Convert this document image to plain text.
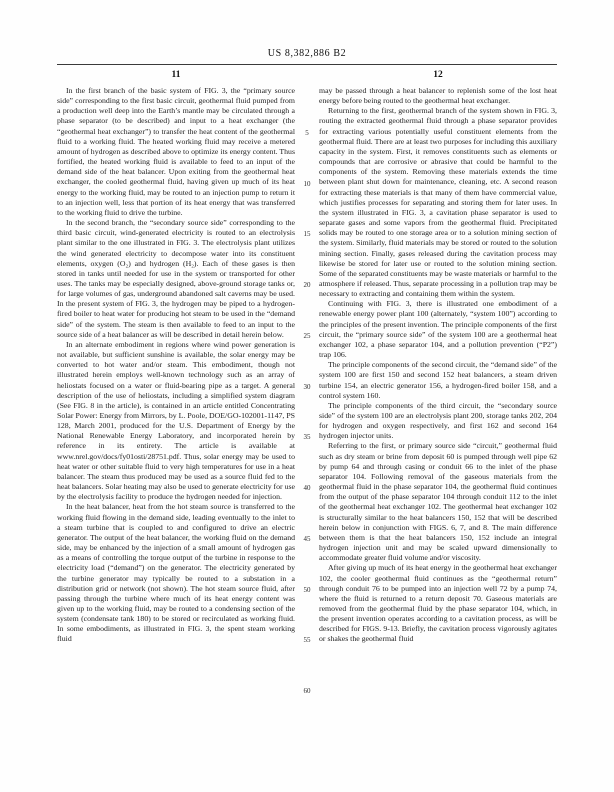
US 8,382,886 B2
11	12

In the first branch of the basic system of FIG. 3, the “primary source side” corresponding to the first basic circuit, geothermal fluid pumped from a production well deep into the Earth’s mantle may be circulated through a phase separator (to be described) and input to a heat exchanger (the “geothermal heat exchanger”) to transfer the heat content of the geothermal fluid to a working fluid. The heated working fluid may receive a metered amount of hydrogen as described above to optimize its energy content. Thus fortified, the heated working fluid is available to feed to an input of the demand side of the heat balancer. Upon exiting from the geothermal heat exchanger, the cooled geothermal fluid, having given up much of its heat energy to the working fluid, may be routed to an injection pump to return it to an injection well, less that portion of its heat energy that was transferred to the working fluid to drive the turbine.

In the second branch, the “secondary source side” corresponding to the third basic circuit, wind-generated electricity is routed to an electrolysis plant similar to the one illustrated in FIG. 3. The electrolysis plant utilizes the wind generated electricity to decompose water into its constituent elements, oxygen (O₂) and hydrogen (H₂). Each of these gases is then stored in tanks until needed for use in the system or transported for other uses. The tanks may be especially designed, above-ground storage tanks or, for large volumes of gas, underground abandoned salt caverns may be used. In the present system of FIG. 3, the hydrogen may be piped to a hydrogen-fired boiler to heat water for producing hot steam to be used in the “demand side” of the system. The steam is then available to feed to an input to the source side of a heat balancer as will be described in detail herein below.

In an alternate embodiment in regions where wind power generation is not available, but sufficient sunshine is available, the solar energy may be converted to hot water and/or steam. This embodiment, though not illustrated herein employs well-known technology such as an array of heliostats focused on a water or fluid-bearing pipe as a target. A general description of the use of heliostats, including a simplified system diagram (See FIG. 8 in the article), is contained in an article entitled Concentrating Solar Power: Energy from Mirrors, by L. Poole, DOE/GO-102001-1147, PS 128, March 2001, produced for the U.S. Department of Energy by the National Renewable Energy Laboratory, and incorporated herein by reference in its entirety. The article is available at www.nrel.gov/docs/fy01osti/28751.pdf. Thus, solar energy may be used to heat water or other suitable fluid to very high temperatures for use in a heat balancer. The steam thus produced may be used as a source fluid fed to the heat balancers. Solar heating may also be used to generate electricity for use by the electrolysis facility to produce the hydrogen needed for injection.

In the heat balancer, heat from the hot steam source is transferred to the working fluid flowing in the demand side, leading eventually to the inlet to a steam turbine that is coupled to and configured to drive an electric generator. The output of the heat balancer, the working fluid on the demand side, may be enhanced by the injection of a small amount of hydrogen gas as a means of controlling the torque output of the turbine in response to the electricity load (“demand”) on the generator. The electricity generated by the turbine generator may typically be routed to a substation in a distribution grid or network (not shown). The hot steam source fluid, after passing through the turbine where much of its heat energy content was given up to the working fluid, may be routed to a condensing section of the system (condensate tank 180) to be stored or recirculated as working fluid. In some embodiments, as illustrated in FIG. 3, the spent steam working fluid

5
10
15
20
25
30
35
40
45
50
55
60

may be passed through a heat balancer to replenish some of the lost heat energy before being routed to the geothermal heat exchanger.

Returning to the first, geothermal branch of the system shown in FIG. 3, routing the extracted geothermal fluid through a phase separator provides for extracting various potentially useful constituent elements from the geothermal fluid. There are at least two purposes for including this auxiliary capacity in the system. First, it removes constituents such as elements or compounds that are corrosive or abrasive that could be harmful to the components of the system. Removing these materials extends the time between plant shut down for maintenance, cleaning, etc. A second reason for extracting these materials is that many of them have commercial value, which justifies processes for separating and storing them for later uses. In the system illustrated in FIG. 3, a cavitation phase separator is used to separate gases and some vapors from the geothermal fluid. Precipitated solids may be routed to one storage area or to a solution mining section of the system. Similarly, fluid materials may be stored or routed to the solution mining section. Finally, gases released during the cavitation process may likewise be stored for later use or routed to the solution mining section. Some of the separated constituents may be waste materials or harmful to the atmosphere if released. Thus, separate processing in a pollution trap may be necessary to extracting and containing them within the system.

Continuing with FIG. 3, there is illustrated one embodiment of a renewable energy power plant 100 (alternately, “system 100”) according to the principles of the present invention. The principle components of the first circuit, the “primary source side” of the system 100 are a geothermal heat exchanger 102, a phase separator 104, and a pollution prevention (“P2”) trap 106.

The principle components of the second circuit, the “demand side” of the system 100 are first 150 and second 152 heat balancers, a steam driven turbine 154, an electric generator 156, a hydrogen-fired boiler 158, and a control system 160.

The principle components of the third circuit, the “secondary source side” of the system 100 are an electrolysis plant 200, storage tanks 202, 204 for hydrogen and oxygen respectively, and first 162 and second 164 hydrogen injector units.

Referring to the first, or primary source side “circuit,” geothermal fluid such as dry steam or brine from deposit 60 is pumped through well pipe 62 by pump 64 and through casing or conduit 66 to the inlet of the phase separator 104. Following removal of the gaseous materials from the geothermal fluid in the phase separator 104, the geothermal fluid continues from the output of the phase separator 104 through conduit 112 to the inlet of the geothermal heat exchanger 102. The geothermal heat exchanger 102 is structurally similar to the heat balancers 150, 152 that will be described herein below in conjunction with FIGS. 6, 7, and 8. The main difference between them is that the heat balancers 150, 152 include an integral hydrogen injection unit and may be scaled upward dimensionally to accommodate greater fluid volume and/or viscosity.

After giving up much of its heat energy in the geothermal heat exchanger 102, the cooler geothermal fluid continues as the “geothermal return” through conduit 76 to be pumped into an injection well 72 by a pump 74, where the fluid is returned to a return deposit 70. Gaseous materials are removed from the geothermal fluid by the phase separator 104, which, in the present invention operates according to a cavitation process, as will be described for FIGS. 9-13. Briefly, the cavitation process vigorously agitates or shakes the geothermal fluid
